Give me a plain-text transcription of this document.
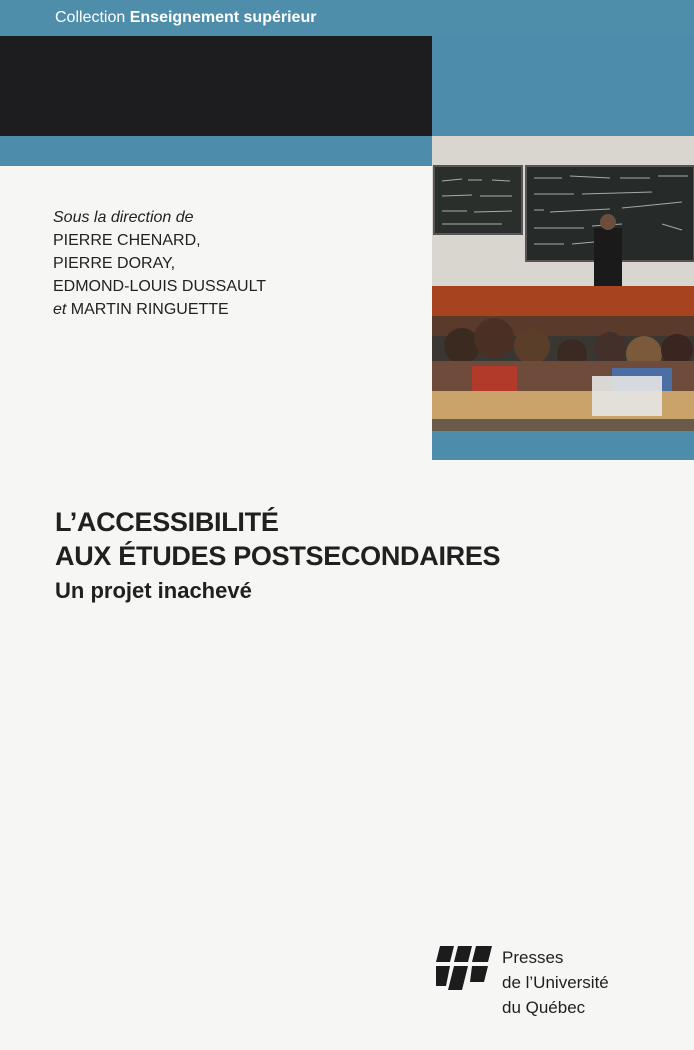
Collection Enseignement supérieur
Sous la direction de
PIERRE CHENARD,
PIERRE DORAY,
EDMOND-LOUIS DUSSAULT
et MARTIN RINGUETTE
L’ACCESSIBILITÉ
AUX ÉTUDES POSTSECONDAIRES
Un projet inachevé
Presses
de l’Université
du Québec
